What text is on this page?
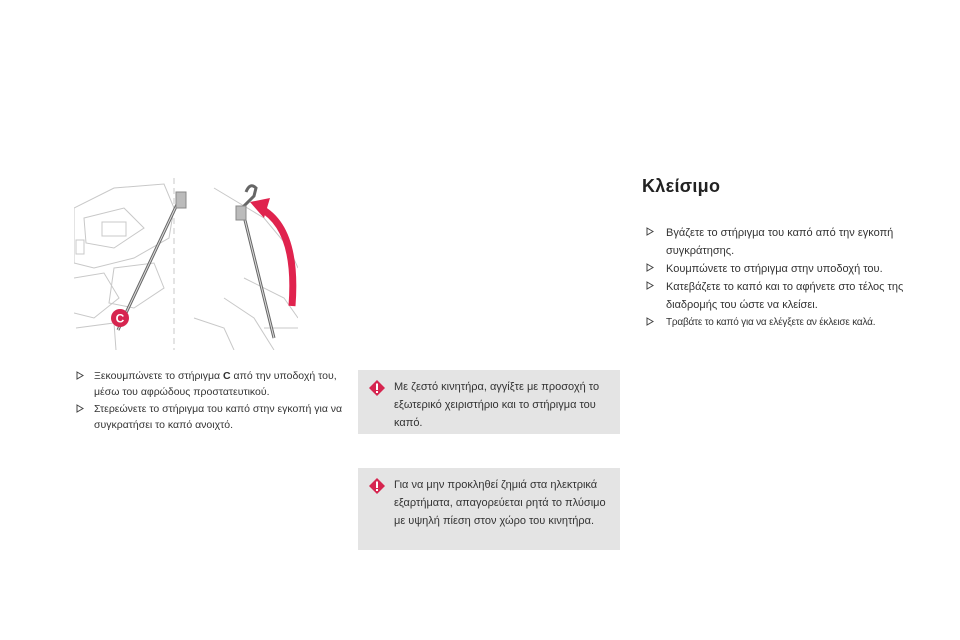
C
Ξεκουμπώνετε το στήριγμα C από την υποδοχή του, μέσω του αφρώδους προστατευτικού.
Στερεώνετε το στήριγμα του καπό στην εγκοπή για να συγκρατήσει το καπό ανοιχτό.
Με ζεστό κινητήρα, αγγίξτε με προσοχή το εξωτερικό χειριστήριο και το στήριγμα του καπό.
Για να μην προκληθεί ζημιά στα ηλεκτρικά εξαρτήματα, απαγορεύεται ρητά το πλύσιμο με υψηλή πίεση στον χώρο του κινητήρα.
Κλείσιμο
Βγάζετε το στήριγμα του καπό από την εγκοπή συγκράτησης.
Κουμπώνετε το στήριγμα στην υποδοχή του.
Κατεβάζετε το καπό και το αφήνετε στο τέλος της διαδρομής του ώστε να κλείσει.
Τραβάτε το καπό για να ελέγξετε αν έκλεισε καλά.
